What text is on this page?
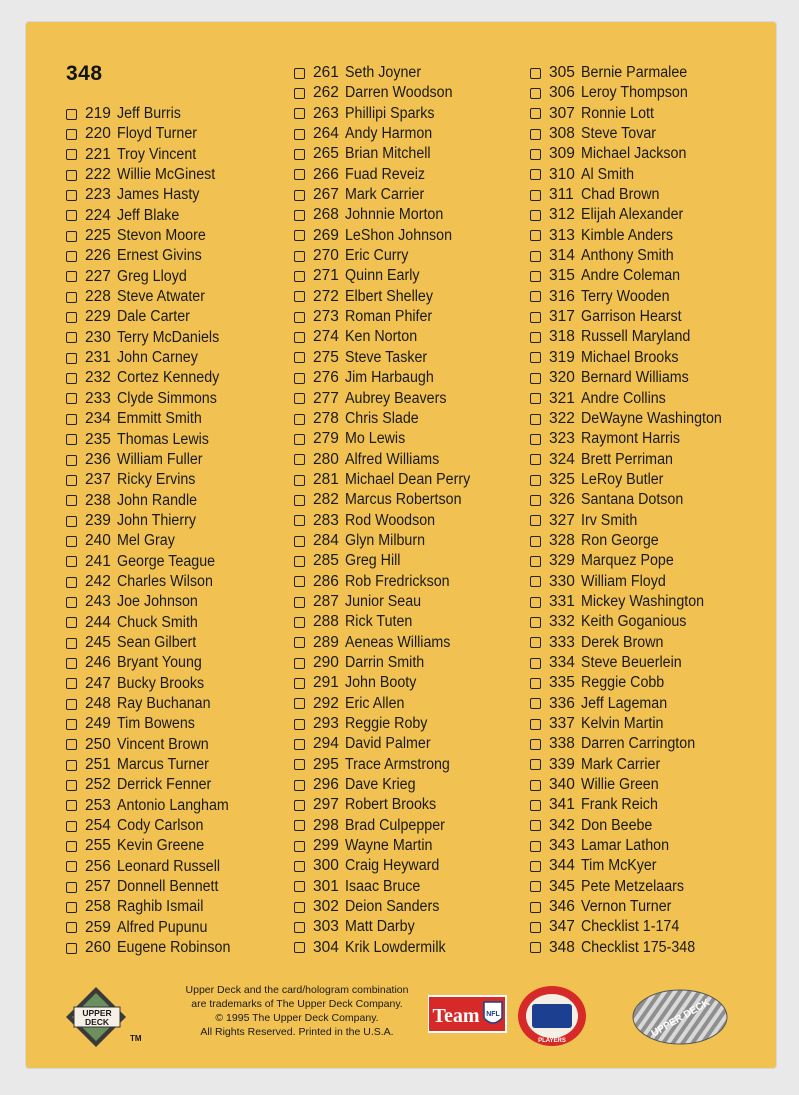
348
219 Jeff Burris
220 Floyd Turner
221 Troy Vincent
222 Willie McGinest
223 James Hasty
224 Jeff Blake
225 Stevon Moore
226 Ernest Givins
227 Greg Lloyd
228 Steve Atwater
229 Dale Carter
230 Terry McDaniels
231 John Carney
232 Cortez Kennedy
233 Clyde Simmons
234 Emmitt Smith
235 Thomas Lewis
236 William Fuller
237 Ricky Ervins
238 John Randle
239 John Thierry
240 Mel Gray
241 George Teague
242 Charles Wilson
243 Joe Johnson
244 Chuck Smith
245 Sean Gilbert
246 Bryant Young
247 Bucky Brooks
248 Ray Buchanan
249 Tim Bowens
250 Vincent Brown
251 Marcus Turner
252 Derrick Fenner
253 Antonio Langham
254 Cody Carlson
255 Kevin Greene
256 Leonard Russell
257 Donnell Bennett
258 Raghib Ismail
259 Alfred Pupunu
260 Eugene Robinson
261 Seth Joyner
262 Darren Woodson
263 Phillipi Sparks
264 Andy Harmon
265 Brian Mitchell
266 Fuad Reveiz
267 Mark Carrier
268 Johnnie Morton
269 LeShon Johnson
270 Eric Curry
271 Quinn Early
272 Elbert Shelley
273 Roman Phifer
274 Ken Norton
275 Steve Tasker
276 Jim Harbaugh
277 Aubrey Beavers
278 Chris Slade
279 Mo Lewis
280 Alfred Williams
281 Michael Dean Perry
282 Marcus Robertson
283 Rod Woodson
284 Glyn Milburn
285 Greg Hill
286 Rob Fredrickson
287 Junior Seau
288 Rick Tuten
289 Aeneas Williams
290 Darrin Smith
291 John Booty
292 Eric Allen
293 Reggie Roby
294 David Palmer
295 Trace Armstrong
296 Dave Krieg
297 Robert Brooks
298 Brad Culpepper
299 Wayne Martin
300 Craig Heyward
301 Isaac Bruce
302 Deion Sanders
303 Matt Darby
304 Krik Lowdermilk
305 Bernie Parmalee
306 Leroy Thompson
307 Ronnie Lott
308 Steve Tovar
309 Michael Jackson
310 Al Smith
311 Chad Brown
312 Elijah Alexander
313 Kimble Anders
314 Anthony Smith
315 Andre Coleman
316 Terry Wooden
317 Garrison Hearst
318 Russell Maryland
319 Michael Brooks
320 Bernard Williams
321 Andre Collins
322 DeWayne Washington
323 Raymont Harris
324 Brett Perriman
325 LeRoy Butler
326 Santana Dotson
327 Irv Smith
328 Ron George
329 Marquez Pope
330 William Floyd
331 Mickey Washington
332 Keith Goganious
333 Derek Brown
334 Steve Beuerlein
335 Reggie Cobb
336 Jeff Lageman
337 Kelvin Martin
338 Darren Carrington
339 Mark Carrier
340 Willie Green
341 Frank Reich
342 Don Beebe
343 Lamar Lathon
344 Tim McKyer
345 Pete Metzelaars
346 Vernon Turner
347 Checklist 1-174
348 Checklist 175-348
UPPER
DECK
TM
Upper Deck and the card/hologram combination
are trademarks of The Upper Deck Company.
© 1995 The Upper Deck Company.
All Rights Reserved. Printed in the U.S.A.
Team NFL
PLAYERS
UPPER DECK
